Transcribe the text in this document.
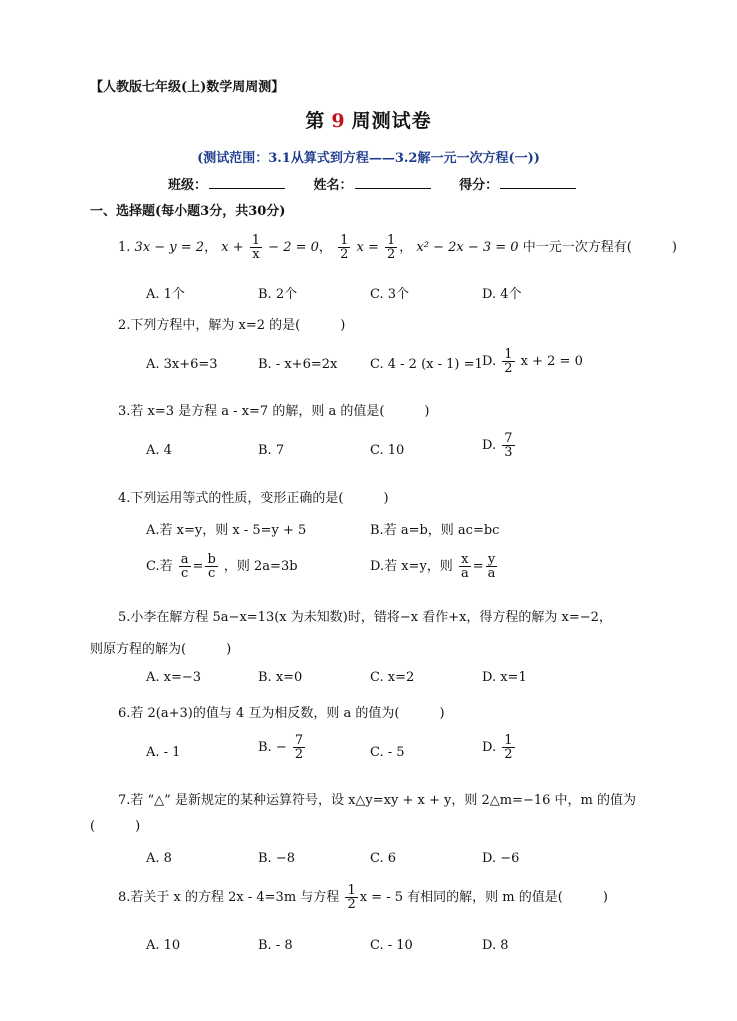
【人教版七年级(上)数学周周测】
第 9 周测试卷
(测试范围：3.1从算式到方程——3.2解一元一次方程(一))
班级：	姓名：	得分：
一、选择题(每小题3分，共30分)
1. 3x − y = 2， $x + \frac{1}{x} - 2 = 0$， $\frac{1}{2}$ $x = \frac{1}{2}$ ， x² − 2x − 3 = 0 中一元一次方程有(	)
A. 1个	B. 2个	C. 3个	D. 4个
2.下列方程中，解为 x=2 的是(	)
A. 3x+6=3	B. - x+6=2x	C. 4 - 2 (x - 1) =1 D. $\frac{1}{2}$ x + 2 = 0
3.若 x=3 是方程 a - x=7 的解，则 a 的值是(	)
A. 4	B. 7	C. 10	D. $\frac{7}{3}$
4.下列运用等式的性质，变形正确的是(	)
A.若 x=y，则 x - 5=y + 5	B.若 a=b，则 ac=bc
C.若 $\frac{a}{c} = \frac{b}{c}$ ，则 2a=3b	D.若 x=y，则 $\frac{x}{a} = \frac{y}{a}$
5.小李在解方程 5a−x=13(x 为未知数)时，错将−x 看作+x，得方程的解为 x=−2，
则原方程的解为(	)
A. x=−3	B. x=0	C. x=2	D. x=1
6.若 2(a+3)的值与 4 互为相反数，则 a 的值为(	)
A. - 1	B. − $\frac{7}{2}$	C. - 5	D. $\frac{1}{2}$
7.若 “△” 是新规定的某种运算符号，设 x△y=xy + x + y，则 2△m=−16 中，m 的值为
(	)
A. 8	B. −8	C. 6	D. −6
8.若关于 x 的方程 2x - 4=3m 与方程 $\frac{1}{2}$ x = - 5 有相同的解，则 m 的值是(	)
A. 10	B. - 8	C. - 10	D. 8
